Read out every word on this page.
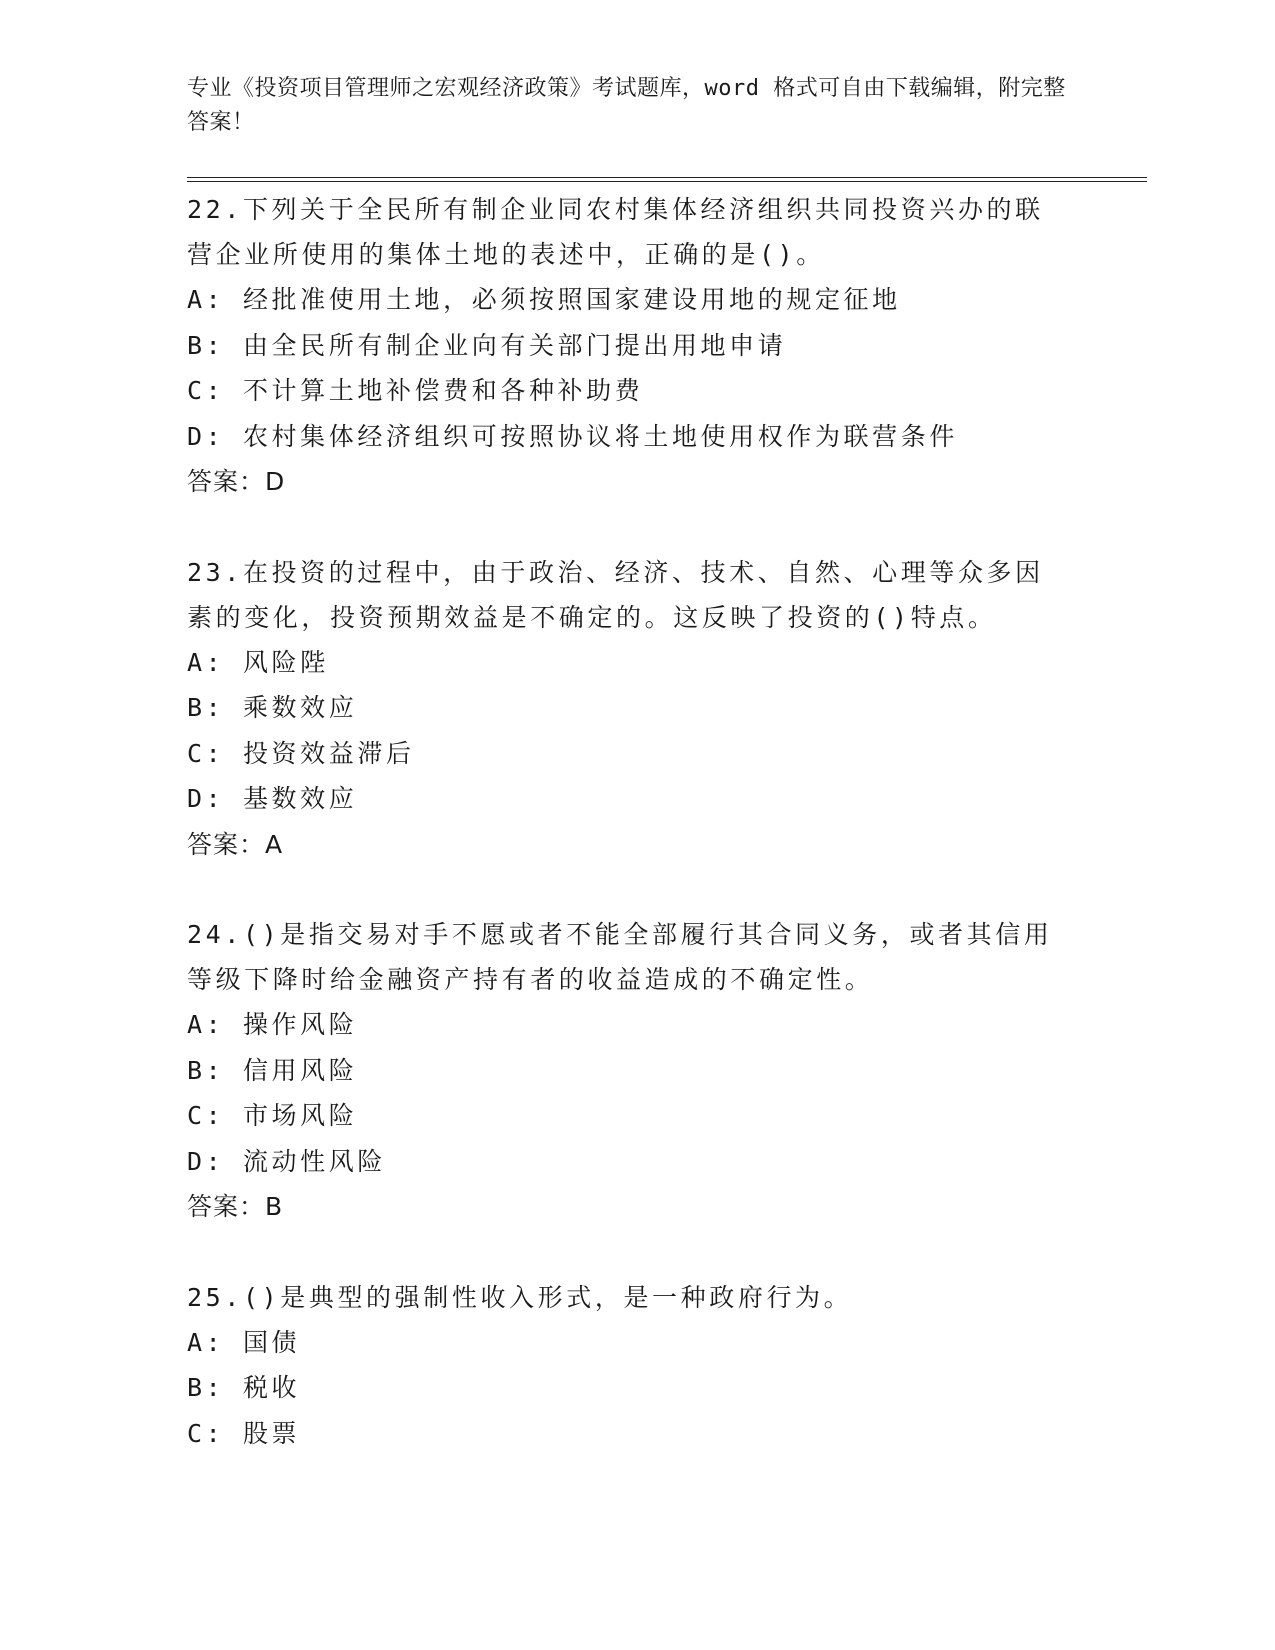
专业《投资项目管理师之宏观经济政策》考试题库，word 格式可自由下载编辑，附完整答案！
22.下列关于全民所有制企业同农村集体经济组织共同投资兴办的联营企业所使用的集体土地的表述中，正确的是()。
A: 经批准使用土地，必须按照国家建设用地的规定征地
B: 由全民所有制企业向有关部门提出用地申请
C: 不计算土地补偿费和各种补助费
D: 农村集体经济组织可按照协议将土地使用权作为联营条件
答案：D
23.在投资的过程中，由于政治、经济、技术、自然、心理等众多因素的变化，投资预期效益是不确定的。这反映了投资的()特点。
A: 风险陛
B: 乘数效应
C: 投资效益滞后
D: 基数效应
答案：A
24.()是指交易对手不愿或者不能全部履行其合同义务，或者其信用等级下降时给金融资产持有者的收益造成的不确定性。
A: 操作风险
B: 信用风险
C: 市场风险
D: 流动性风险
答案：B
25.()是典型的强制性收入形式，是一种政府行为。
A: 国债
B: 税收
C: 股票
